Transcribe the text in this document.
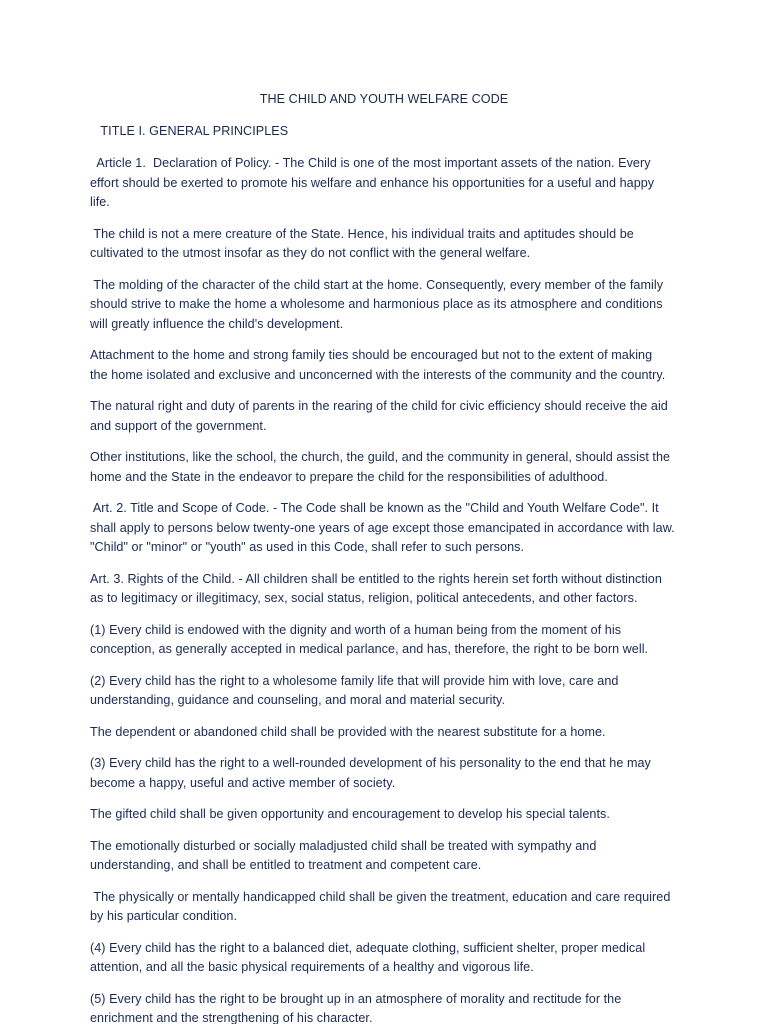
THE CHILD AND YOUTH WELFARE CODE
TITLE I. GENERAL PRINCIPLES

Article 1.  Declaration of Policy. - The Child is one of the most important assets of the nation. Every
effort should be exerted to promote his welfare and enhance his opportunities for a useful and happy
life.

The child is not a mere creature of the State. Hence, his individual traits and aptitudes should be
cultivated to the utmost insofar as they do not conflict with the general welfare.

The molding of the character of the child start at the home. Consequently, every member of the family
should strive to make the home a wholesome and harmonious place as its atmosphere and conditions
will greatly influence the child's development.

Attachment to the home and strong family ties should be encouraged but not to the extent of making
the home isolated and exclusive and unconcerned with the interests of the community and the country.

The natural right and duty of parents in the rearing of the child for civic efficiency should receive the aid
and support of the government.

Other institutions, like the school, the church, the guild, and the community in general, should assist the
home and the State in the endeavor to prepare the child for the responsibilities of adulthood.

Art. 2. Title and Scope of Code. - The Code shall be known as the "Child and Youth Welfare Code". It
shall apply to persons below twenty-one years of age except those emancipated in accordance with law.
"Child" or "minor" or "youth" as used in this Code, shall refer to such persons.

Art. 3. Rights of the Child. - All children shall be entitled to the rights herein set forth without distinction
as to legitimacy or illegitimacy, sex, social status, religion, political antecedents, and other factors.

(1) Every child is endowed with the dignity and worth of a human being from the moment of his
conception, as generally accepted in medical parlance, and has, therefore, the right to be born well.

(2) Every child has the right to a wholesome family life that will provide him with love, care and
understanding, guidance and counseling, and moral and material security.

The dependent or abandoned child shall be provided with the nearest substitute for a home.

(3) Every child has the right to a well-rounded development of his personality to the end that he may
become a happy, useful and active member of society.

The gifted child shall be given opportunity and encouragement to develop his special talents.

The emotionally disturbed or socially maladjusted child shall be treated with sympathy and
understanding, and shall be entitled to treatment and competent care.

The physically or mentally handicapped child shall be given the treatment, education and care required
by his particular condition.

(4) Every child has the right to a balanced diet, adequate clothing, sufficient shelter, proper medical
attention, and all the basic physical requirements of a healthy and vigorous life.

(5) Every child has the right to be brought up in an atmosphere of morality and rectitude for the
enrichment and the strengthening of his character.
